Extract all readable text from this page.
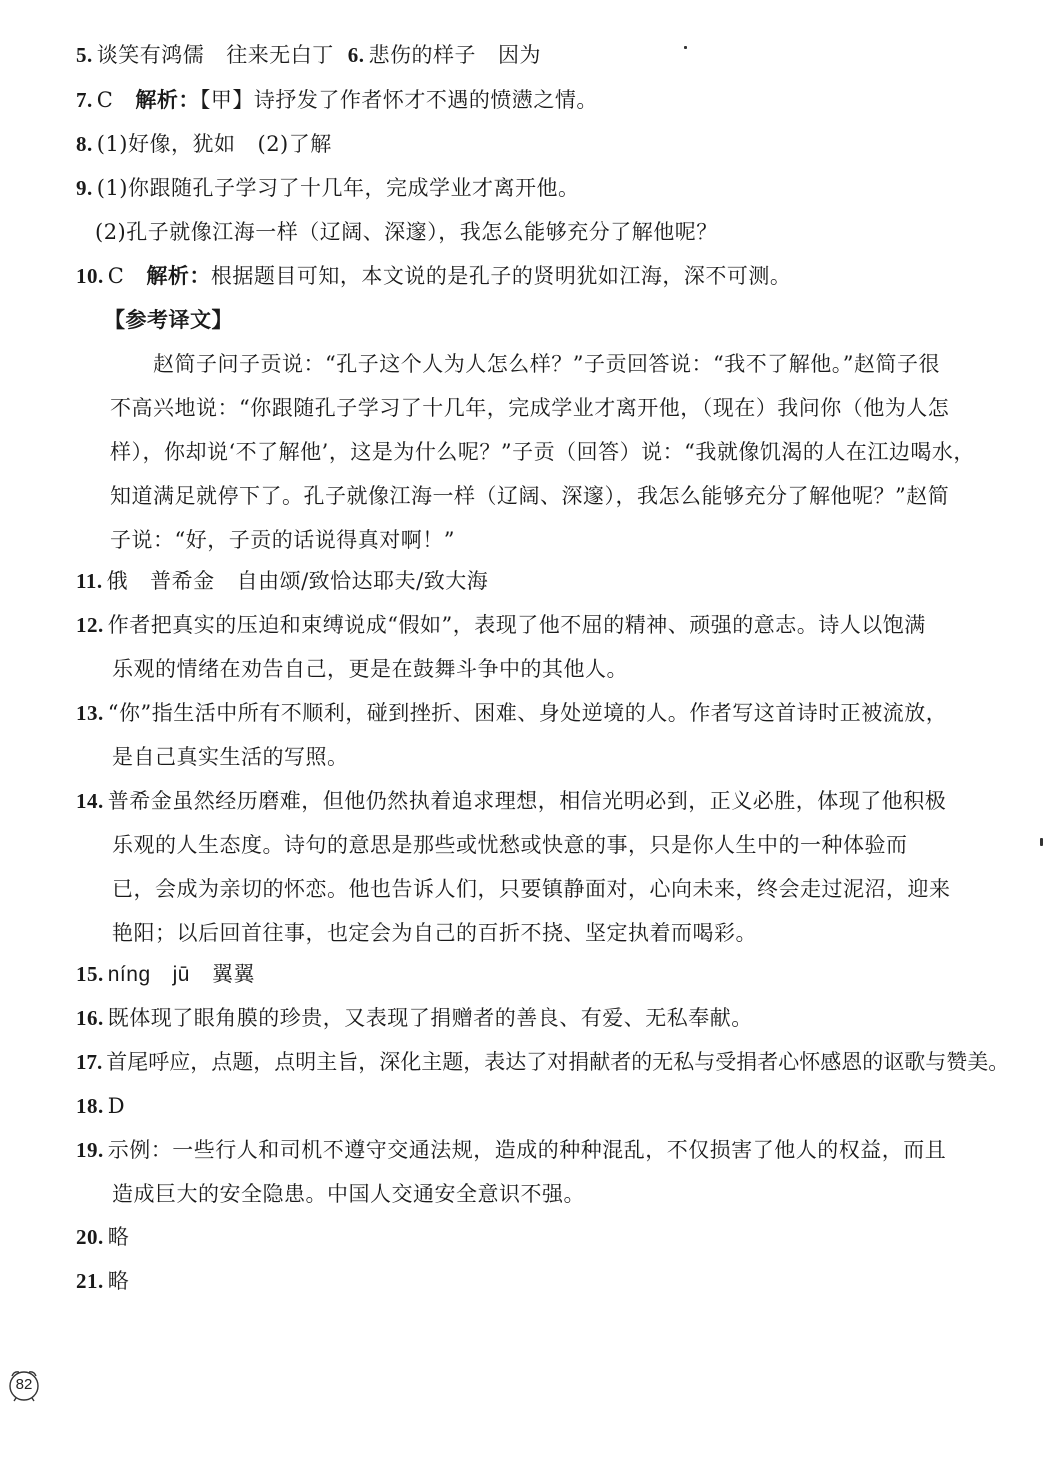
5. 谈笑有鸿儒 往来无白丁 6. 悲伤的样子 因为
7. C 解析：【甲】诗抒发了作者怀才不遇的愤懑之情。
8. (1)好像，犹如 (2)了解
9. (1)你跟随孔子学习了十几年，完成学业才离开他。
(2)孔子就像江海一样（辽阔、深邃），我怎么能够充分了解他呢？
10. C 解析：根据题目可知，本文说的是孔子的贤明犹如江海，深不可测。
【参考译文】
赵简子问子贡说：“孔子这个人为人怎么样？”子贡回答说：“我不了解他。”赵简子很
不高兴地说：“你跟随孔子学习了十几年，完成学业才离开他，（现在）我问你（他为人怎
样），你却说‘不了解他’，这是为什么呢？”子贡（回答）说：“我就像饥渴的人在江边喝水，
知道满足就停下了。孔子就像江海一样（辽阔、深邃），我怎么能够充分了解他呢？”赵简
子说：“好，子贡的话说得真对啊！”
11. 俄 普希金 自由颂/致恰达耶夫/致大海
12. 作者把真实的压迫和束缚说成“假如”，表现了他不屈的精神、顽强的意志。诗人以饱满
乐观的情绪在劝告自己，更是在鼓舞斗争中的其他人。
13. “你”指生活中所有不顺利，碰到挫折、困难、身处逆境的人。作者写这首诗时正被流放，
是自己真实生活的写照。
14. 普希金虽然经历磨难，但他仍然执着追求理想，相信光明必到，正义必胜，体现了他积极
乐观的人生态度。诗句的意思是那些或忧愁或快意的事，只是你人生中的一种体验而
已，会成为亲切的怀恋。他也告诉人们，只要镇静面对，心向未来，终会走过泥沼，迎来
艳阳；以后回首往事，也定会为自己的百折不挠、坚定执着而喝彩。
15. níng jū 翼翼
16. 既体现了眼角膜的珍贵，又表现了捐赠者的善良、有爱、无私奉献。
17. 首尾呼应，点题，点明主旨，深化主题，表达了对捐献者的无私与受捐者心怀感恩的讴歌与赞美。
18. D
19. 示例：一些行人和司机不遵守交通法规，造成的种种混乱，不仅损害了他人的权益，而且
造成巨大的安全隐患。中国人交通安全意识不强。
20. 略
21. 略
82
